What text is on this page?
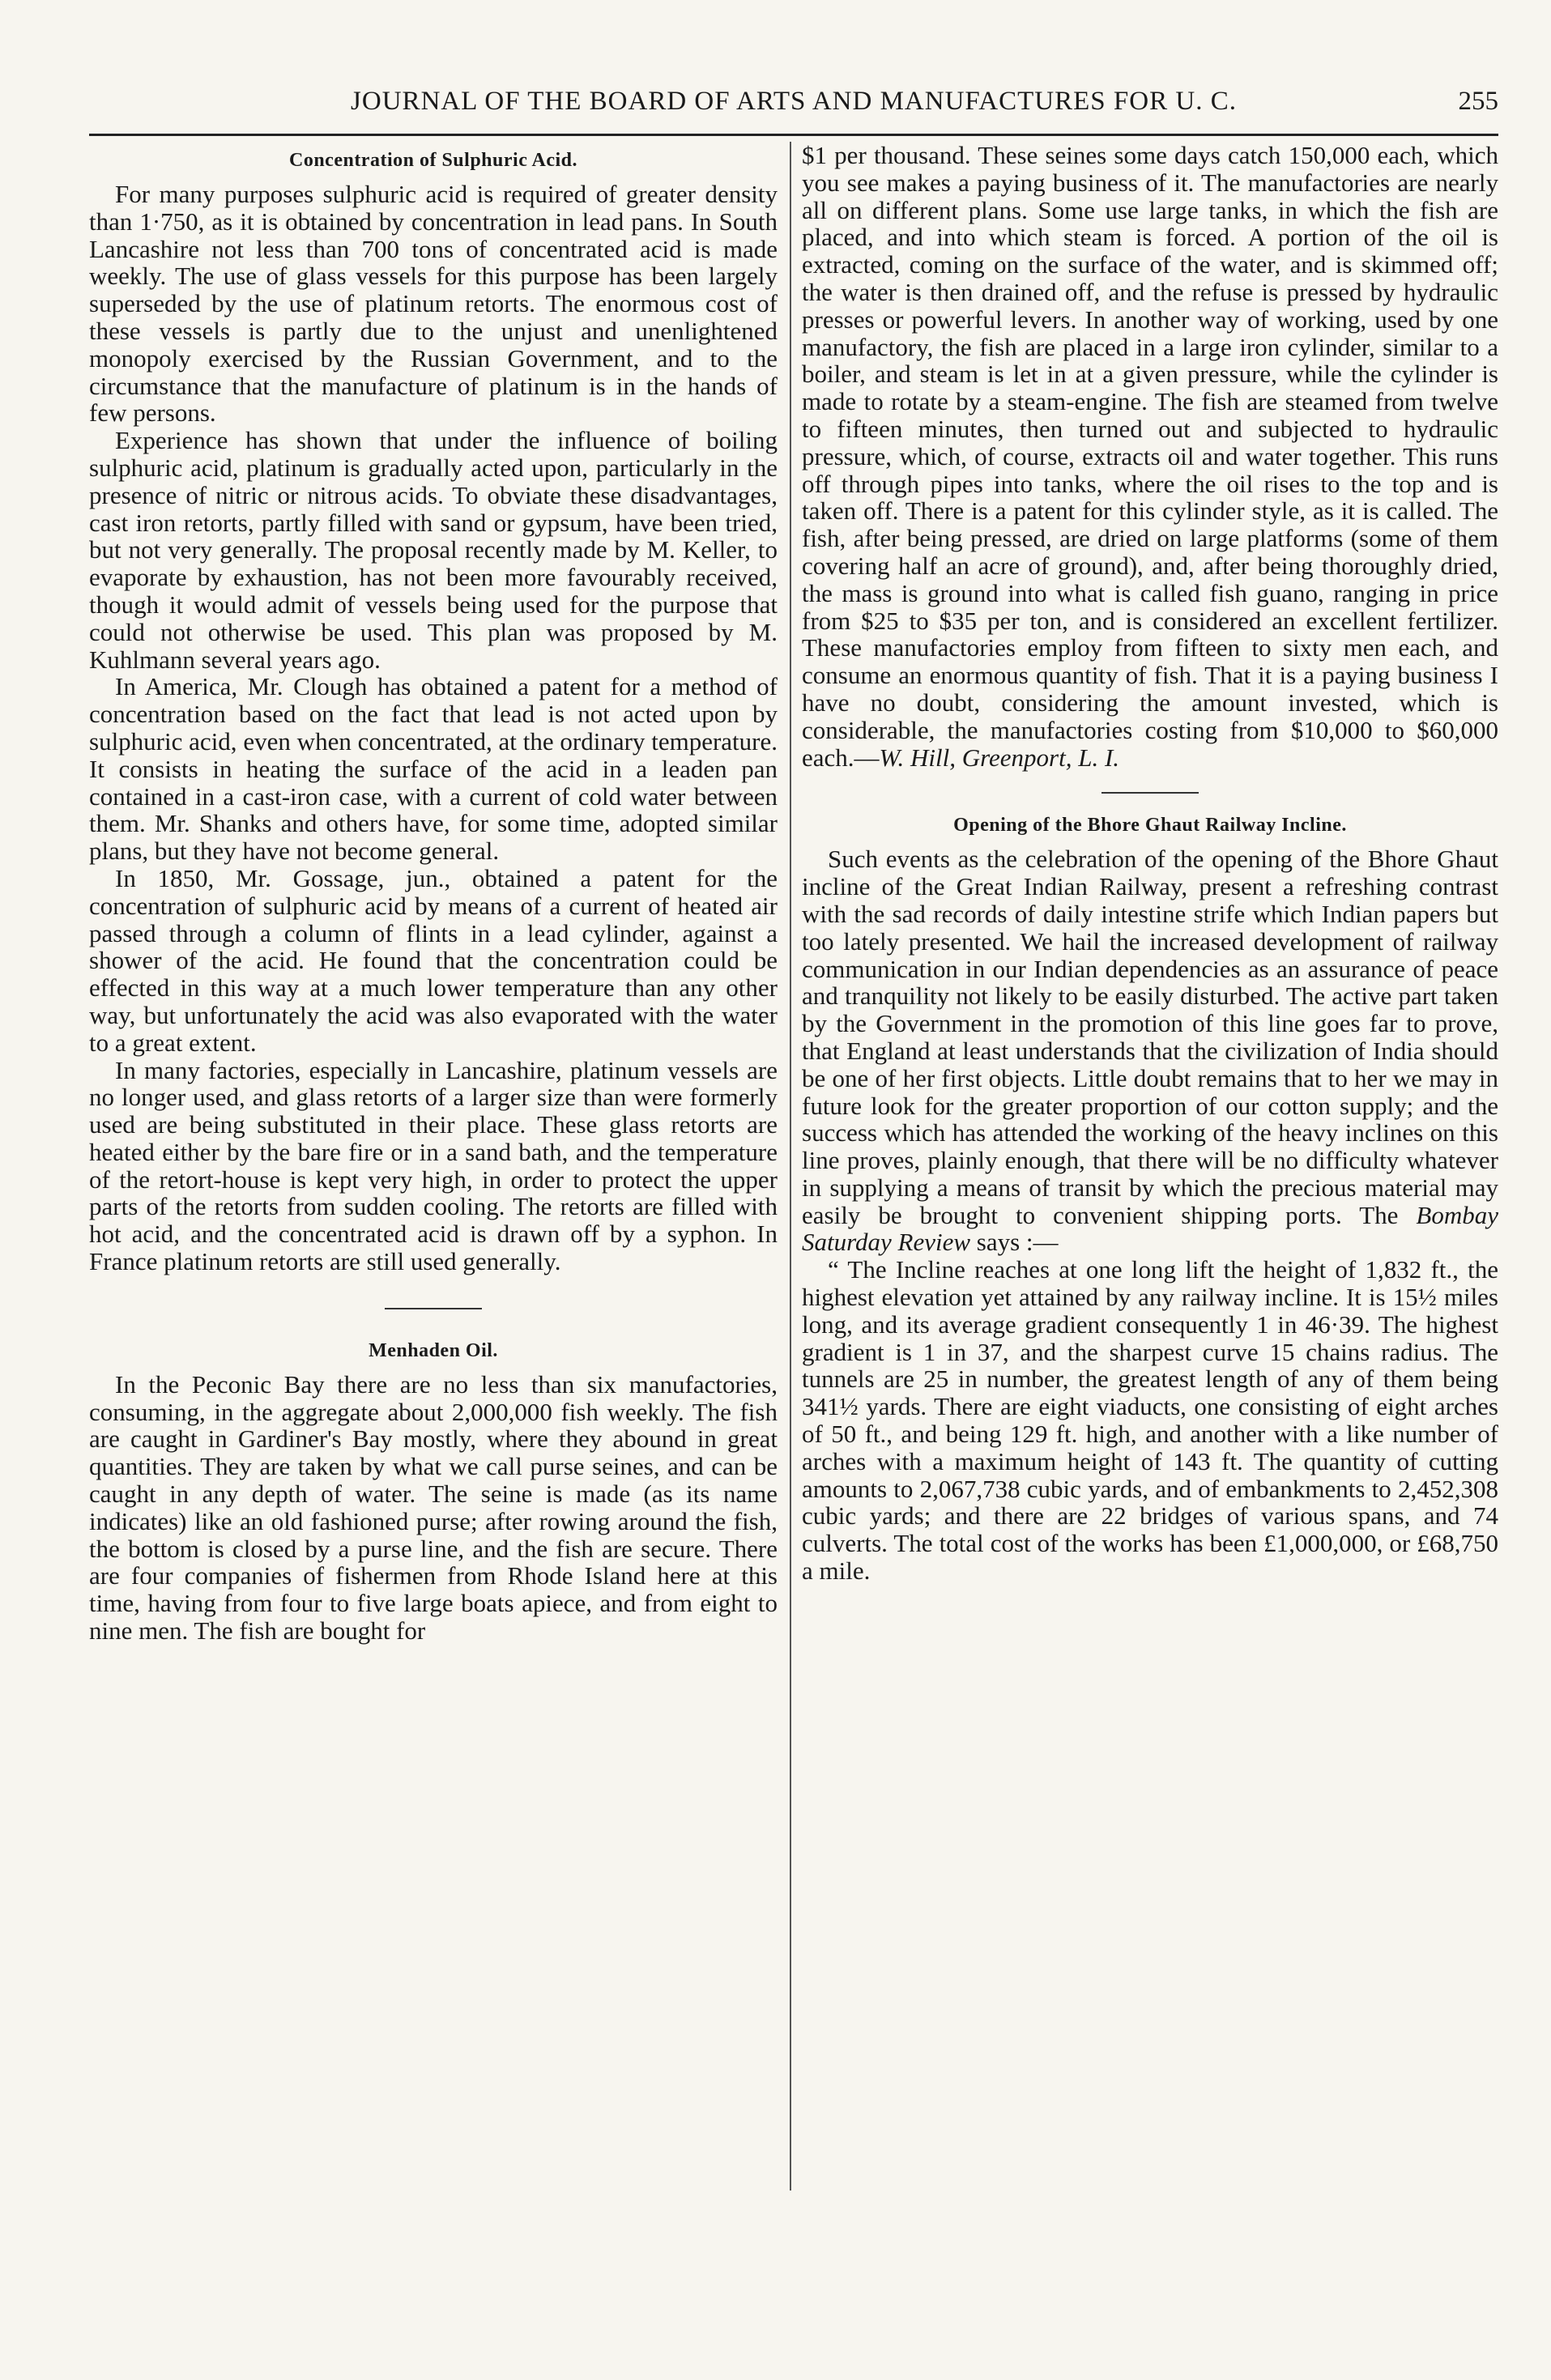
JOURNAL OF THE BOARD OF ARTS AND MANUFACTURES FOR U. C.	255
Concentration of Sulphuric Acid.

For many purposes sulphuric acid is required of greater density than 1·750, as it is obtained by concentration in lead pans. In South Lancashire not less than 700 tons of concentrated acid is made weekly. The use of glass vessels for this purpose has been largely superseded by the use of platinum retorts. The enormous cost of these vessels is partly due to the unjust and unenlightened monopoly exercised by the Russian Government, and to the circumstance that the manufacture of platinum is in the hands of few persons.

Experience has shown that under the influence of boiling sulphuric acid, platinum is gradually acted upon, particularly in the presence of nitric or nitrous acids. To obviate these disadvantages, cast iron retorts, partly filled with sand or gypsum, have been tried, but not very generally. The proposal recently made by M. Keller, to evaporate by exhaustion, has not been more favourably received, though it would admit of vessels being used for the purpose that could not otherwise be used. This plan was proposed by M. Kuhlmann several years ago.

In America, Mr. Clough has obtained a patent for a method of concentration based on the fact that lead is not acted upon by sulphuric acid, even when concentrated, at the ordinary temperature. It consists in heating the surface of the acid in a leaden pan contained in a cast-iron case, with a current of cold water between them. Mr. Shanks and others have, for some time, adopted similar plans, but they have not become general.

In 1850, Mr. Gossage, jun., obtained a patent for the concentration of sulphuric acid by means of a current of heated air passed through a column of flints in a lead cylinder, against a shower of the acid. He found that the concentration could be effected in this way at a much lower temperature than any other way, but unfortunately the acid was also evaporated with the water to a great extent.

In many factories, especially in Lancashire, platinum vessels are no longer used, and glass retorts of a larger size than were formerly used are being substituted in their place. These glass retorts are heated either by the bare fire or in a sand bath, and the temperature of the retort-house is kept very high, in order to protect the upper parts of the retorts from sudden cooling. The retorts are filled with hot acid, and the concentrated acid is drawn off by a syphon. In France platinum retorts are still used generally.

Menhaden Oil.

In the Peconic Bay there are no less than six manufactories, consuming, in the aggregate about 2,000,000 fish weekly. The fish are caught in Gardiner's Bay mostly, where they abound in great quantities. They are taken by what we call purse seines, and can be caught in any depth of water. The seine is made (as its name indicates) like an old fashioned purse; after rowing around the fish, the bottom is closed by a purse line, and the fish are secure. There are four companies of fishermen from Rhode Island here at this time, having from four to five large boats apiece, and from eight to nine men. The fish are bought for

$1 per thousand. These seines some days catch 150,000 each, which you see makes a paying business of it. The manufactories are nearly all on different plans. Some use large tanks, in which the fish are placed, and into which steam is forced. A portion of the oil is extracted, coming on the surface of the water, and is skimmed off; the water is then drained off, and the refuse is pressed by hydraulic presses or powerful levers. In another way of working, used by one manufactory, the fish are placed in a large iron cylinder, similar to a boiler, and steam is let in at a given pressure, while the cylinder is made to rotate by a steam-engine. The fish are steamed from twelve to fifteen minutes, then turned out and subjected to hydraulic pressure, which, of course, extracts oil and water together. This runs off through pipes into tanks, where the oil rises to the top and is taken off. There is a patent for this cylinder style, as it is called. The fish, after being pressed, are dried on large platforms (some of them covering half an acre of ground), and, after being thoroughly dried, the mass is ground into what is called fish guano, ranging in price from $25 to $35 per ton, and is considered an excellent fertilizer. These manufactories employ from fifteen to sixty men each, and consume an enormous quantity of fish. That it is a paying business I have no doubt, considering the amount invested, which is considerable, the manufactories costing from $10,000 to $60,000 each.—W. Hill, Greenport, L. I.

Opening of the Bhore Ghaut Railway Incline.

Such events as the celebration of the opening of the Bhore Ghaut incline of the Great Indian Railway, present a refreshing contrast with the sad records of daily intestine strife which Indian papers but too lately presented. We hail the increased development of railway communication in our Indian dependencies as an assurance of peace and tranquility not likely to be easily disturbed. The active part taken by the Government in the promotion of this line goes far to prove, that England at least understands that the civilization of India should be one of her first objects. Little doubt remains that to her we may in future look for the greater proportion of our cotton supply; and the success which has attended the working of the heavy inclines on this line proves, plainly enough, that there will be no difficulty whatever in supplying a means of transit by which the precious material may easily be brought to convenient shipping ports. The Bombay Saturday Review says :—

“ The Incline reaches at one long lift the height of 1,832 ft., the highest elevation yet attained by any railway incline. It is 15½ miles long, and its average gradient consequently 1 in 46·39. The highest gradient is 1 in 37, and the sharpest curve 15 chains radius. The tunnels are 25 in number, the greatest length of any of them being 341½ yards. There are eight viaducts, one consisting of eight arches of 50 ft., and being 129 ft. high, and another with a like number of arches with a maximum height of 143 ft. The quantity of cutting amounts to 2,067,738 cubic yards, and of embankments to 2,452,308 cubic yards; and there are 22 bridges of various spans, and 74 culverts. The total cost of the works has been £1,000,000, or £68,750 a mile.
